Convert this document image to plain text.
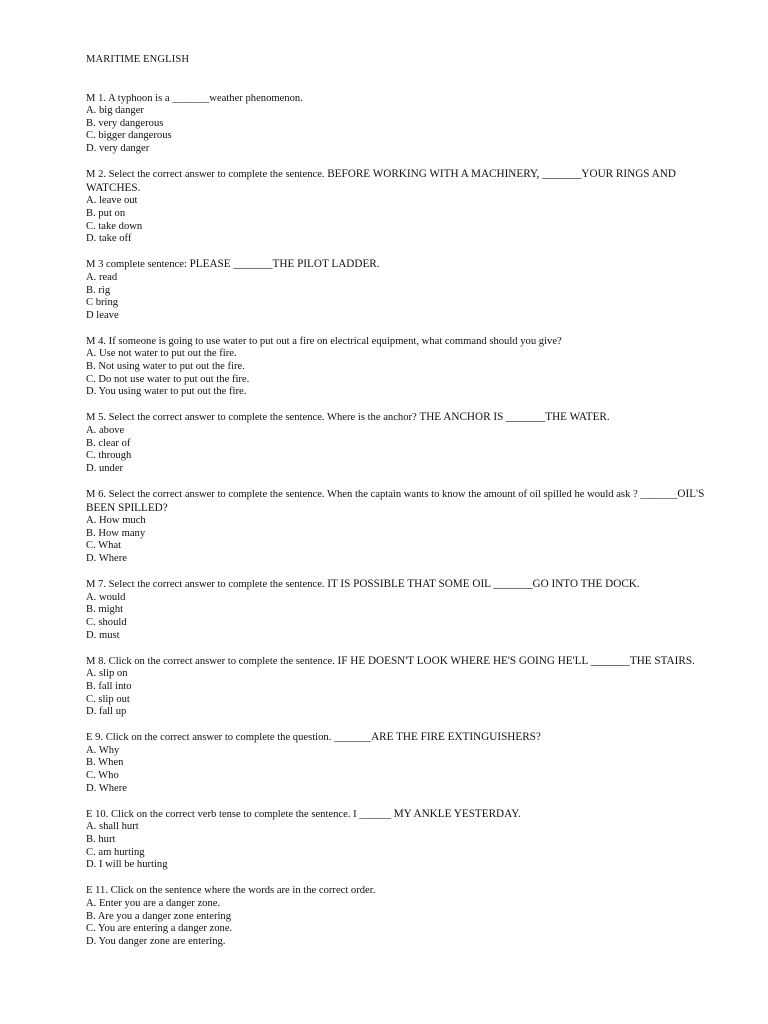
MARITIME ENGLISH

M 1. A typhoon is a _______weather phenomenon.

A. big danger
B. very dangerous
C. bigger dangerous
D. very danger

M 2. Select the correct answer to complete the sentence. BEFORE WORKING WITH A MACHINERY, _______YOUR RINGS AND WATCHES.

A. leave out
B. put on
C. take down
D. take off

M 3 complete sentence: PLEASE _______THE PILOT LADDER.

A. read
B. rig
C bring
D leave

M 4. If someone is going to use water to put out a fire on electrical equipment, what command should you give?

A. Use not water to put out the fire.
B. Not using water to put out the fire.
C. Do not use water to put out the fire.
D. You using water to put out the fire.

M 5. Select the correct answer to complete the sentence. Where is the anchor? THE ANCHOR IS _______THE WATER.

A. above
B. clear of
C. through
D. under

M 6. Select the correct answer to complete the sentence. When the captain wants to know the amount of oil spilled he would ask ? _______OIL'S BEEN SPILLED?

A. How much
B. How many
C. What
D. Where

M 7. Select the correct answer to complete the sentence. IT IS POSSIBLE THAT SOME OIL _______GO INTO THE DOCK.

A. would
B. might
C. should
D. must

M 8. Click on the correct answer to complete the sentence. IF HE DOESN'T LOOK WHERE HE'S GOING HE'LL _______THE STAIRS.

A. slip on
B. fall into
C. slip out
D. fall up

E 9. Click on the correct answer to complete the question. _______ARE THE FIRE EXTINGUISHERS?

A. Why
B. When
C. Who
D. Where

E 10. Click on the correct verb tense to complete the sentence. I ______ MY ANKLE YESTERDAY.

A. shall hurt
B. hurt
C. am hurting
D. I will be hurting

E 11. Click on the sentence where the words are in the correct order.

A. Enter you are a danger zone.
B. Are you a danger zone entering
C. You are entering a danger zone.
D. You danger zone are entering.
